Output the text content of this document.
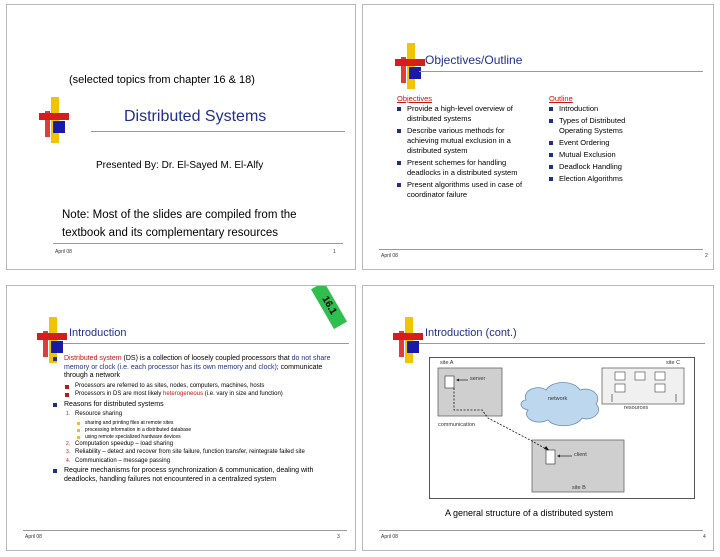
(selected topics from chapter 16 & 18)
Distributed Systems
Presented By: Dr. El-Sayed M. El-Alfy
Note: Most of the slides are compiled from the textbook and its complementary resources
April 08	1
Objectives/Outline
Objectives
Provide a high-level overview of distributed systems
Describe various methods for achieving mutual exclusion in a distributed system
Present schemes for handling deadlocks in a distributed system
Present algorithms used in case of coordinator failure
Outline
Introduction
Types of Distributed Operating Systems
Event Ordering
Mutual Exclusion
Deadlock Handling
Election Algorithms
April 08	2
16.1
Introduction
Distributed system (DS) is a collection of loosely coupled processors that do not share memory or clock (i.e. each processor has its own memory and clock); communicate through a network
Processors are referred to as sites, nodes, computers, machines, hosts
Processors in DS are most likely heterogeneous (i.e. vary in size and function)
Reasons for distributed systems
1. Resource sharing
sharing and printing files at remote sites
processing information in a distributed database
using remote specialized hardware devices
2. Computation speedup – load sharing
3. Reliability – detect and recover from site failure, function transfer, reintegrate failed site
4. Communication – message passing
Require mechanisms for process synchronization & communication, dealing with deadlocks, handling failures not encountered in a centralized system
April 08	3
Introduction (cont.)
site A	site C
server
network
resources
communication
client
site B
A general structure of a distributed system
April 08	4
